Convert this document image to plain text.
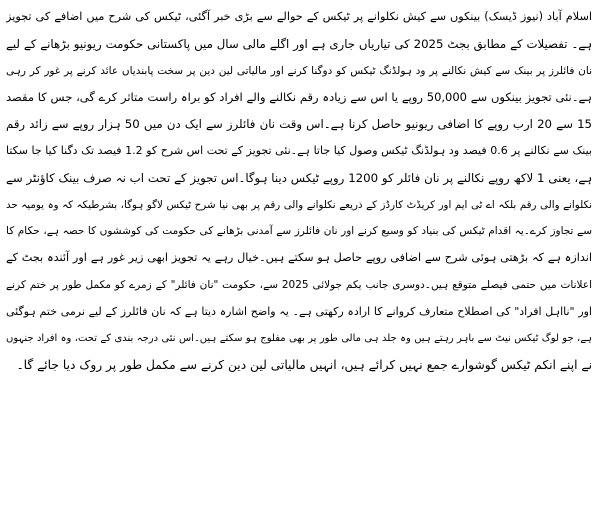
اسلام آباد (نیوز ڈیسک) بینکوں سے کیش نکلوانے پر ٹیکس کے حوالے سے بڑی خبر آگئی، ٹیکس کی شرح میں اضافے کی تجویز
ہے۔ تفصیلات کے مطابق بجٹ 2025 کی تیاریاں جاری ہے اور اگلے مالی سال میں پاکستانی حکومت ریونیو بڑھانے کے لیے
نان فائلرز پر بینک سے کیش نکالنے پر ود ہولڈنگ ٹیکس کو دوگنا کرنے اور مالیاتی لین دین پر سخت پابندیاں عائد کرنے پر غور کر رہی
ہے۔نئی تجویز بینکوں سے 50,000 روپے یا اس سے زیادہ رقم نکالنے والے افراد کو براہ راست متاثر کرے گی، جس کا مقصد
15 سے 20 ارب روپے کا اضافی ریونیو حاصل کرنا ہے۔اس وقت نان فائلرز سے ایک دن میں 50 ہزار روپے سے زائد رقم
بینک سے نکالنے پر 0.6 فیصد ود ہولڈنگ ٹیکس وصول کیا جاتا ہے۔نئی تجویز کے تحت اس شرح کو 1.2 فیصد تک دگنا کیا جا سکتا
ہے، یعنی 1 لاکھ روپے نکالنے پر نان فائلر کو 1200 روپے ٹیکس دینا ہوگا۔اس تجویز کے تحت اب نہ صرف بینک کاؤنٹر سے
نکلوانے والی رقم بلکہ اے ٹی ایم اور کریڈٹ کارڈز کے ذریعے نکلوانے والی رقم پر بھی نیا شرح ٹیکس لاگو ہوگا، بشرطیکہ کہ وہ یومیہ حد
سے تجاوز کرے۔یہ اقدام ٹیکس کی بنیاد کو وسیع کرنے اور نان فائلرز سے آمدنی بڑھانے کی حکومت کی کوششوں کا حصہ ہے، حکام کا
اندازہ ہے کہ بڑھتی ہوئی شرح سے اضافی روپے حاصل ہو سکتے ہیں۔خیال رہے یہ تجویز ابھی زیر غور ہے اور آئندہ بجٹ کے
اعلانات میں حتمی فیصلے متوقع ہیں۔دوسری جانب یکم جولائی 2025 سے، حکومت "نان فائلر" کے زمرے کو مکمل طور پر ختم کرنے
اور "نااہل افراد" کی اصطلاح متعارف کروانے کا ارادہ رکھتی ہے۔ یہ واضح اشارہ دیتا ہے کہ نان فائلرز کے لیے نرمی ختم ہوگئی
ہے، جو لوگ ٹیکس نیٹ سے باہر رہتے ہیں وہ جلد ہی مالی طور پر بھی مفلوج ہو سکتے ہیں۔اس نئی درجہ بندی کے تحت، وہ افراد جنہوں
نے اپنے انکم ٹیکس گوشوارے جمع نہیں کرائے ہیں، انہیں مالیاتی لین دین کرنے سے مکمل طور پر روک دیا جائے گا۔
